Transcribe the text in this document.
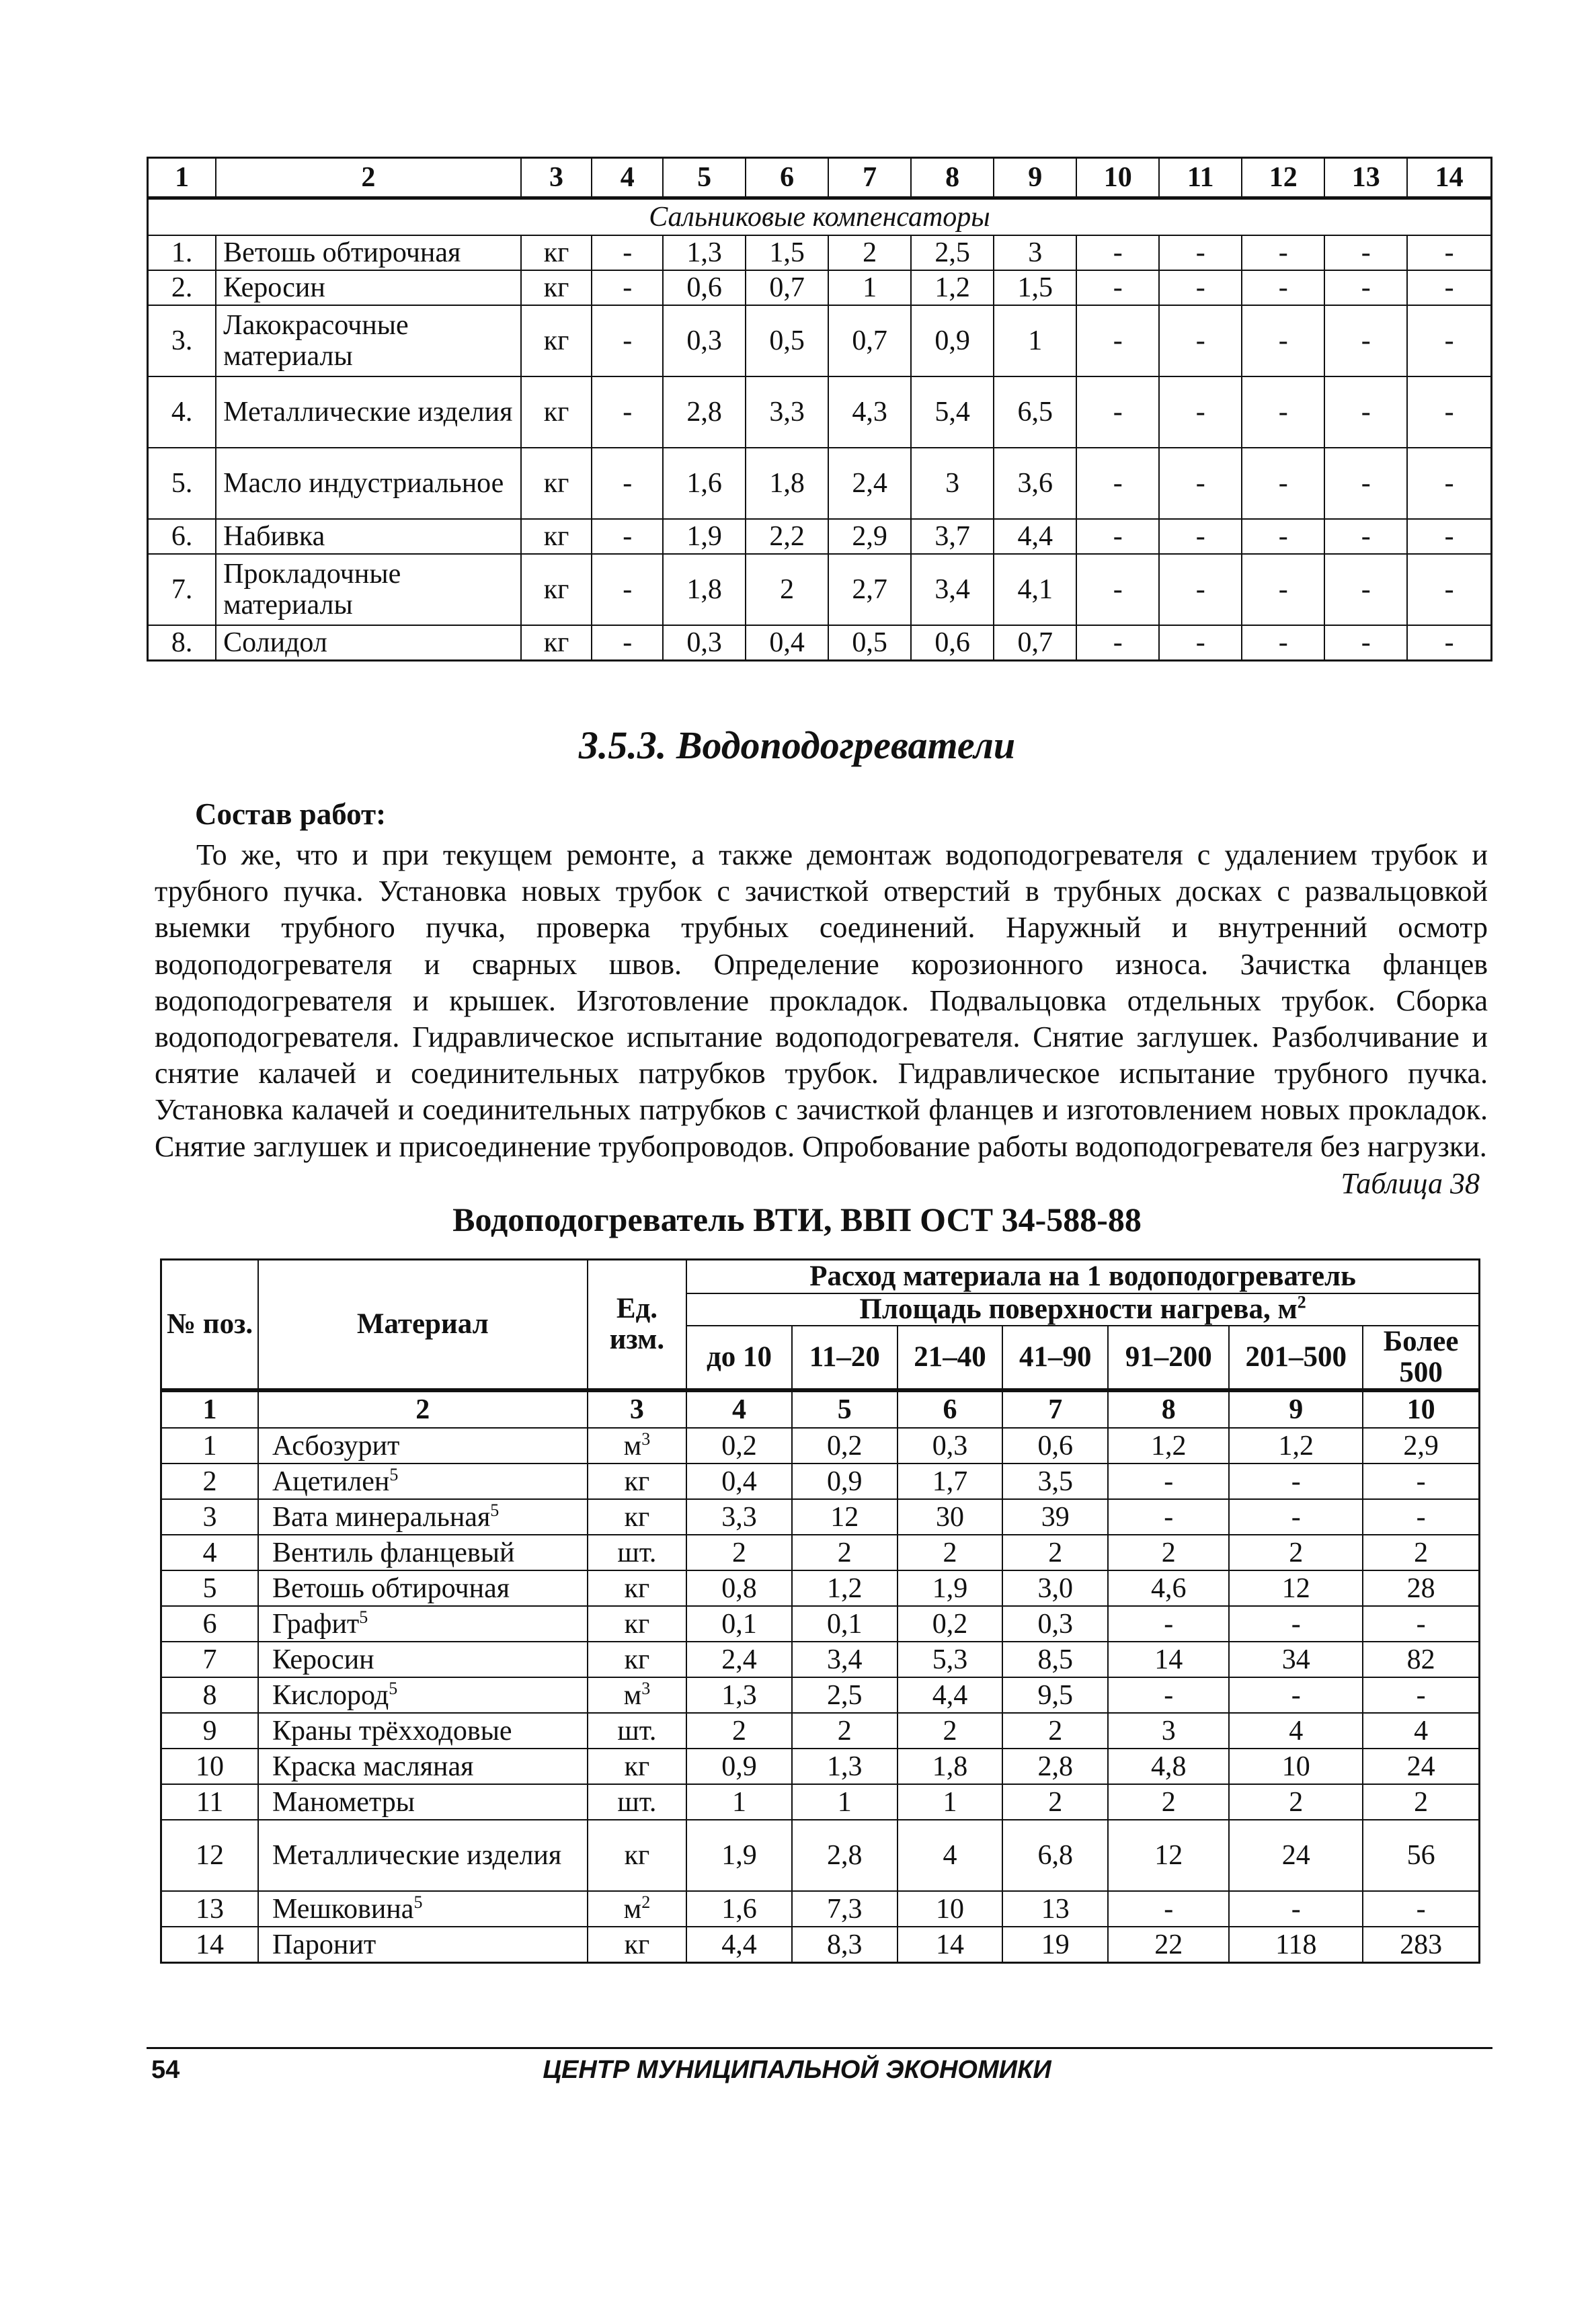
1	2	3	4	5	6	7	8	9	10	11	12	13	14
Сальниковые компенсаторы													
1.	Ветошь обтирочная	кг	-	1,3	1,5	2	2,5	3	-	-	-	-	-
2.	Керосин	кг	-	0,6	0,7	1	1,2	1,5	-	-	-	-	-
3.	Лакокрасочные материалы	кг	-	0,3	0,5	0,7	0,9	1	-	-	-	-	-
4.	Металлические изделия	кг	-	2,8	3,3	4,3	5,4	6,5	-	-	-	-	-
5.	Масло индустриальное	кг	-	1,6	1,8	2,4	3	3,6	-	-	-	-	-
6.	Набивка	кг	-	1,9	2,2	2,9	3,7	4,4	-	-	-	-	-
7.	Прокладочные материалы	кг	-	1,8	2	2,7	3,4	4,1	-	-	-	-	-
8.	Солидол	кг	-	0,3	0,4	0,5	0,6	0,7	-	-	-	-	-
3.5.3. Водоподогреватели
Состав работ:
То же, что и при текущем ремонте, а также демонтаж водоподогревателя с удалением трубок и трубного пучка. Установка новых трубок с зачисткой отверстий в трубных досках с развальцовкой выемки трубного пучка, проверка трубных соединений. Наружный и внутренний осмотр водоподогревателя и сварных швов. Определение корозионного износа. Зачистка фланцев водоподогревателя и крышек. Изготовление прокладок. Подвальцовка отдельных трубок. Сборка водоподогревателя. Гидравлическое испытание водоподогревателя. Снятие заглушек. Разболчивание и снятие калачей и соединительных патрубков трубок. Гидравлическое испытание трубного пучка. Установка калачей и соединительных патрубков с зачисткой фланцев и изготовлением новых прокладок. Снятие заглушек и присоединение трубопроводов. Опробование работы водоподогревателя без нагрузки.
Таблица 38
Водоподогреватель ВТИ, ВВП ОСТ 34-588-88
№ поз.	Материал	Ед. изм.	Расход материала на 1 водоподогреватель						
			Площадь поверхности нагрева, $м^2$
			до 10	11–20	21–40	41–90	91–200	201–500	Более 500
1	2	3	4	5	6	7	8	9	10
1	Асбозурит	$м^3$	0,2	0,2	0,3	0,6	1,2	1,2	2,9
2	Ацетилен$^5$	кг	0,4	0,9	1,7	3,5	-	-	-
3	Вата минеральная$^5$	кг	3,3	12	30	39	-	-	-
4	Вентиль фланцевый	шт.	2	2	2	2	2	2	2
5	Ветошь обтирочная	кг	0,8	1,2	1,9	3,0	4,6	12	28
6	Графит$^5$	кг	0,1	0,1	0,2	0,3	-	-	-
7	Керосин	кг	2,4	3,4	5,3	8,5	14	34	82
8	Кислород$^5$	$м^3$	1,3	2,5	4,4	9,5	-	-	-
9	Краны трёхходовые	шт.	2	2	2	2	3	4	4
10	Краска масляная	кг	0,9	1,3	1,8	2,8	4,8	10	24
11	Манометры	шт.	1	1	1	2	2	2	2
12	Металлические изделия	кг	1,9	2,8	4	6,8	12	24	56
13	Мешковина$^5$	$м^2$	1,6	7,3	10	13	-	-	-
14	Паронит	кг	4,4	8,3	14	19	22	118	283
54	ЦЕНТР МУНИЦИПАЛЬНОЙ ЭКОНОМИКИ
